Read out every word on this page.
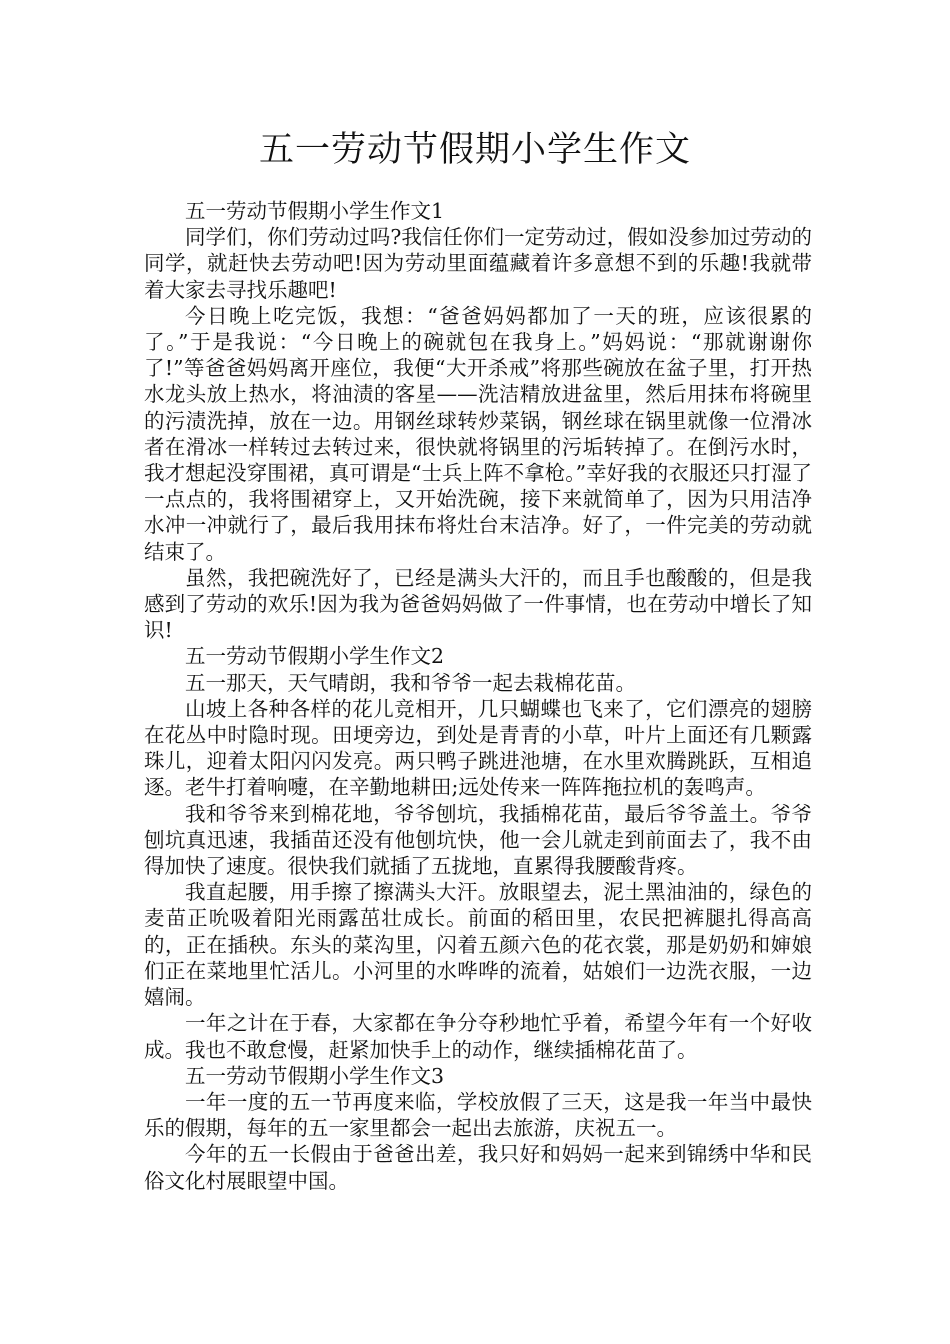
五一劳动节假期小学生作文

五一劳动节假期小学生作文1

同学们，你们劳动过吗?我信任你们一定劳动过，假如没参加过劳动的同学，就赶快去劳动吧!因为劳动里面蕴藏着许多意想不到的乐趣!我就带着大家去寻找乐趣吧!

今日晚上吃完饭，我想：“爸爸妈妈都加了一天的班，应该很累的了。”于是我说：“今日晚上的碗就包在我身上。”妈妈说：“那就谢谢你了!”等爸爸妈妈离开座位，我便“大开杀戒”将那些碗放在盆子里，打开热水龙头放上热水，将油渍的客星——洗洁精放进盆里，然后用抹布将碗里的污渍洗掉，放在一边。用钢丝球转炒菜锅，钢丝球在锅里就像一位滑冰者在滑冰一样转过去转过来，很快就将锅里的污垢转掉了。在倒污水时，我才想起没穿围裙，真可谓是“士兵上阵不拿枪。”幸好我的衣服还只打湿了一点点的，我将围裙穿上，又开始洗碗，接下来就简单了，因为只用洁净水冲一冲就行了，最后我用抹布将灶台末洁净。好了，一件完美的劳动就结束了。

虽然，我把碗洗好了，已经是满头大汗的，而且手也酸酸的，但是我感到了劳动的欢乐!因为我为爸爸妈妈做了一件事情，也在劳动中增长了知识!

五一劳动节假期小学生作文2

五一那天，天气晴朗，我和爷爷一起去栽棉花苗。

山坡上各种各样的花儿竞相开，几只蝴蝶也飞来了，它们漂亮的翅膀在花丛中时隐时现。田埂旁边，到处是青青的小草，叶片上面还有几颗露珠儿，迎着太阳闪闪发亮。两只鸭子跳进池塘，在水里欢腾跳跃，互相追逐。老牛打着响嚏，在辛勤地耕田;远处传来一阵阵拖拉机的轰鸣声。

我和爷爷来到棉花地，爷爷刨坑，我插棉花苗，最后爷爷盖土。爷爷刨坑真迅速，我插苗还没有他刨坑快，他一会儿就走到前面去了，我不由得加快了速度。很快我们就插了五拢地，直累得我腰酸背疼。

我直起腰，用手擦了擦满头大汗。放眼望去，泥土黑油油的，绿色的麦苗正吮吸着阳光雨露茁壮成长。前面的稻田里，农民把裤腿扎得高高的，正在插秧。东头的菜沟里，闪着五颜六色的花衣裳，那是奶奶和婶娘们正在菜地里忙活儿。小河里的水哗哗的流着，姑娘们一边洗衣服，一边嬉闹。

一年之计在于春，大家都在争分夺秒地忙乎着，希望今年有一个好收成。我也不敢怠慢，赶紧加快手上的动作，继续插棉花苗了。

五一劳动节假期小学生作文3

一年一度的五一节再度来临，学校放假了三天，这是我一年当中最快乐的假期，每年的五一家里都会一起出去旅游，庆祝五一。

今年的五一长假由于爸爸出差，我只好和妈妈一起来到锦绣中华和民俗文化村展眼望中国。
